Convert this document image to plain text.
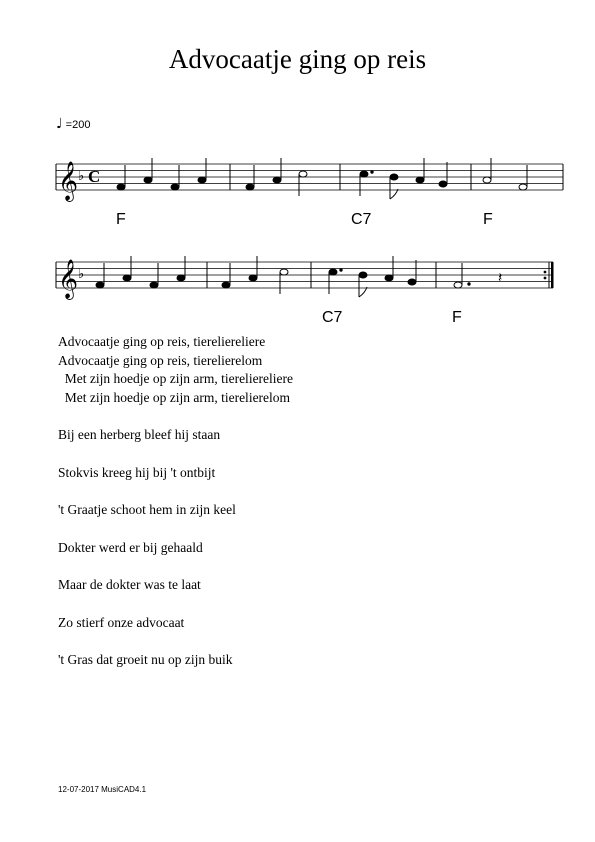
Advocaatje ging op reis
♩ =200
𝄞 ♭ C
F	C7	F
𝄞 ♭	𝄽
C7	F
Advocaatje ging op reis, tiereliereliere
Advocaatje ging op reis, tierelierelom
Met zijn hoedje op zijn arm, tiereliereliere
Met zijn hoedje op zijn arm, tierelierelom
Bij een herberg bleef hij staan
Stokvis kreeg hij bij 't ontbijt
't Graatje schoot hem in zijn keel
Dokter werd er bij gehaald
Maar de dokter was te laat
Zo stierf onze advocaat
't Gras dat groeit nu op zijn buik
12-07-2017 MusiCAD4.1
